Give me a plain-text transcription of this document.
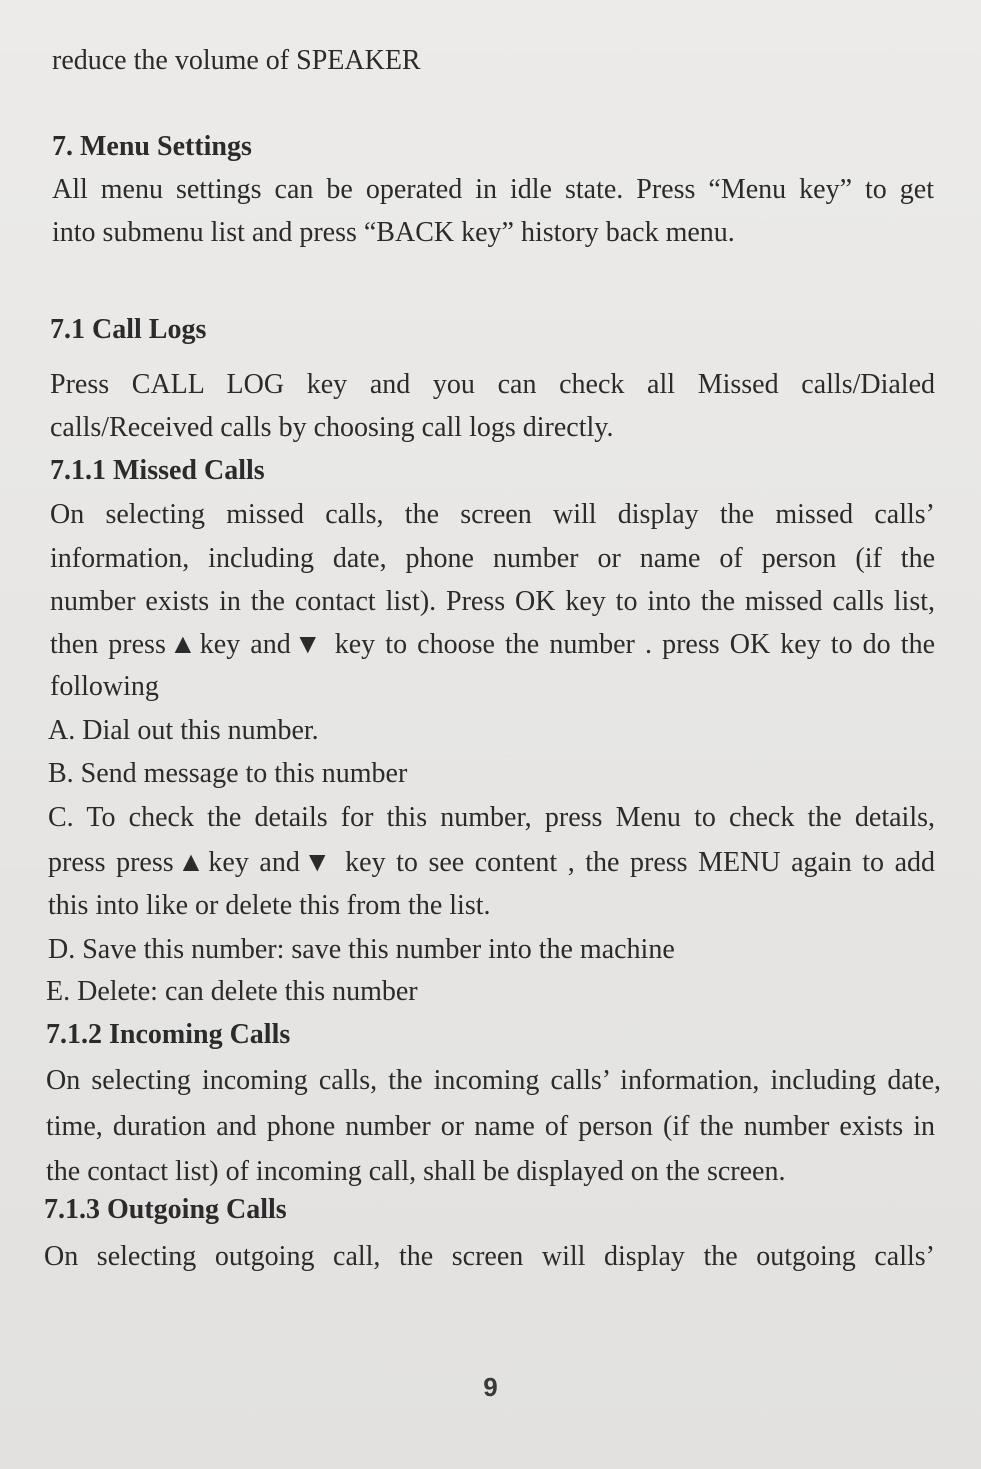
reduce the volume of SPEAKER
7. Menu Settings
All menu settings can be operated in idle state. Press “Menu key” to get
into submenu list and press “BACK key” history back menu.
7.1 Call Logs
Press CALL LOG key and you can check all Missed calls/Dialed
calls/Received calls by choosing call logs directly.
7.1.1 Missed Calls
On selecting missed calls, the screen will display the missed calls’
information, including date, phone number or name of person (if the
number exists in the contact list). Press OK key to into the missed calls list,
then press▲key and▼ key to choose the number . press OK key to do the
following
A. Dial out this number.
B. Send message to this number
C. To check the details for this number, press Menu to check the details,
press press▲key and▼ key to see content , the press MENU again to add
this into like or delete this from the list.
D. Save this number: save this number into the machine
E. Delete: can delete this number
7.1.2 Incoming Calls
On selecting incoming calls, the incoming calls’ information, including date,
time, duration and phone number or name of person (if the number exists in
the contact list) of incoming call, shall be displayed on the screen.
7.1.3 Outgoing Calls
On selecting outgoing call, the screen will display the outgoing calls’
9
